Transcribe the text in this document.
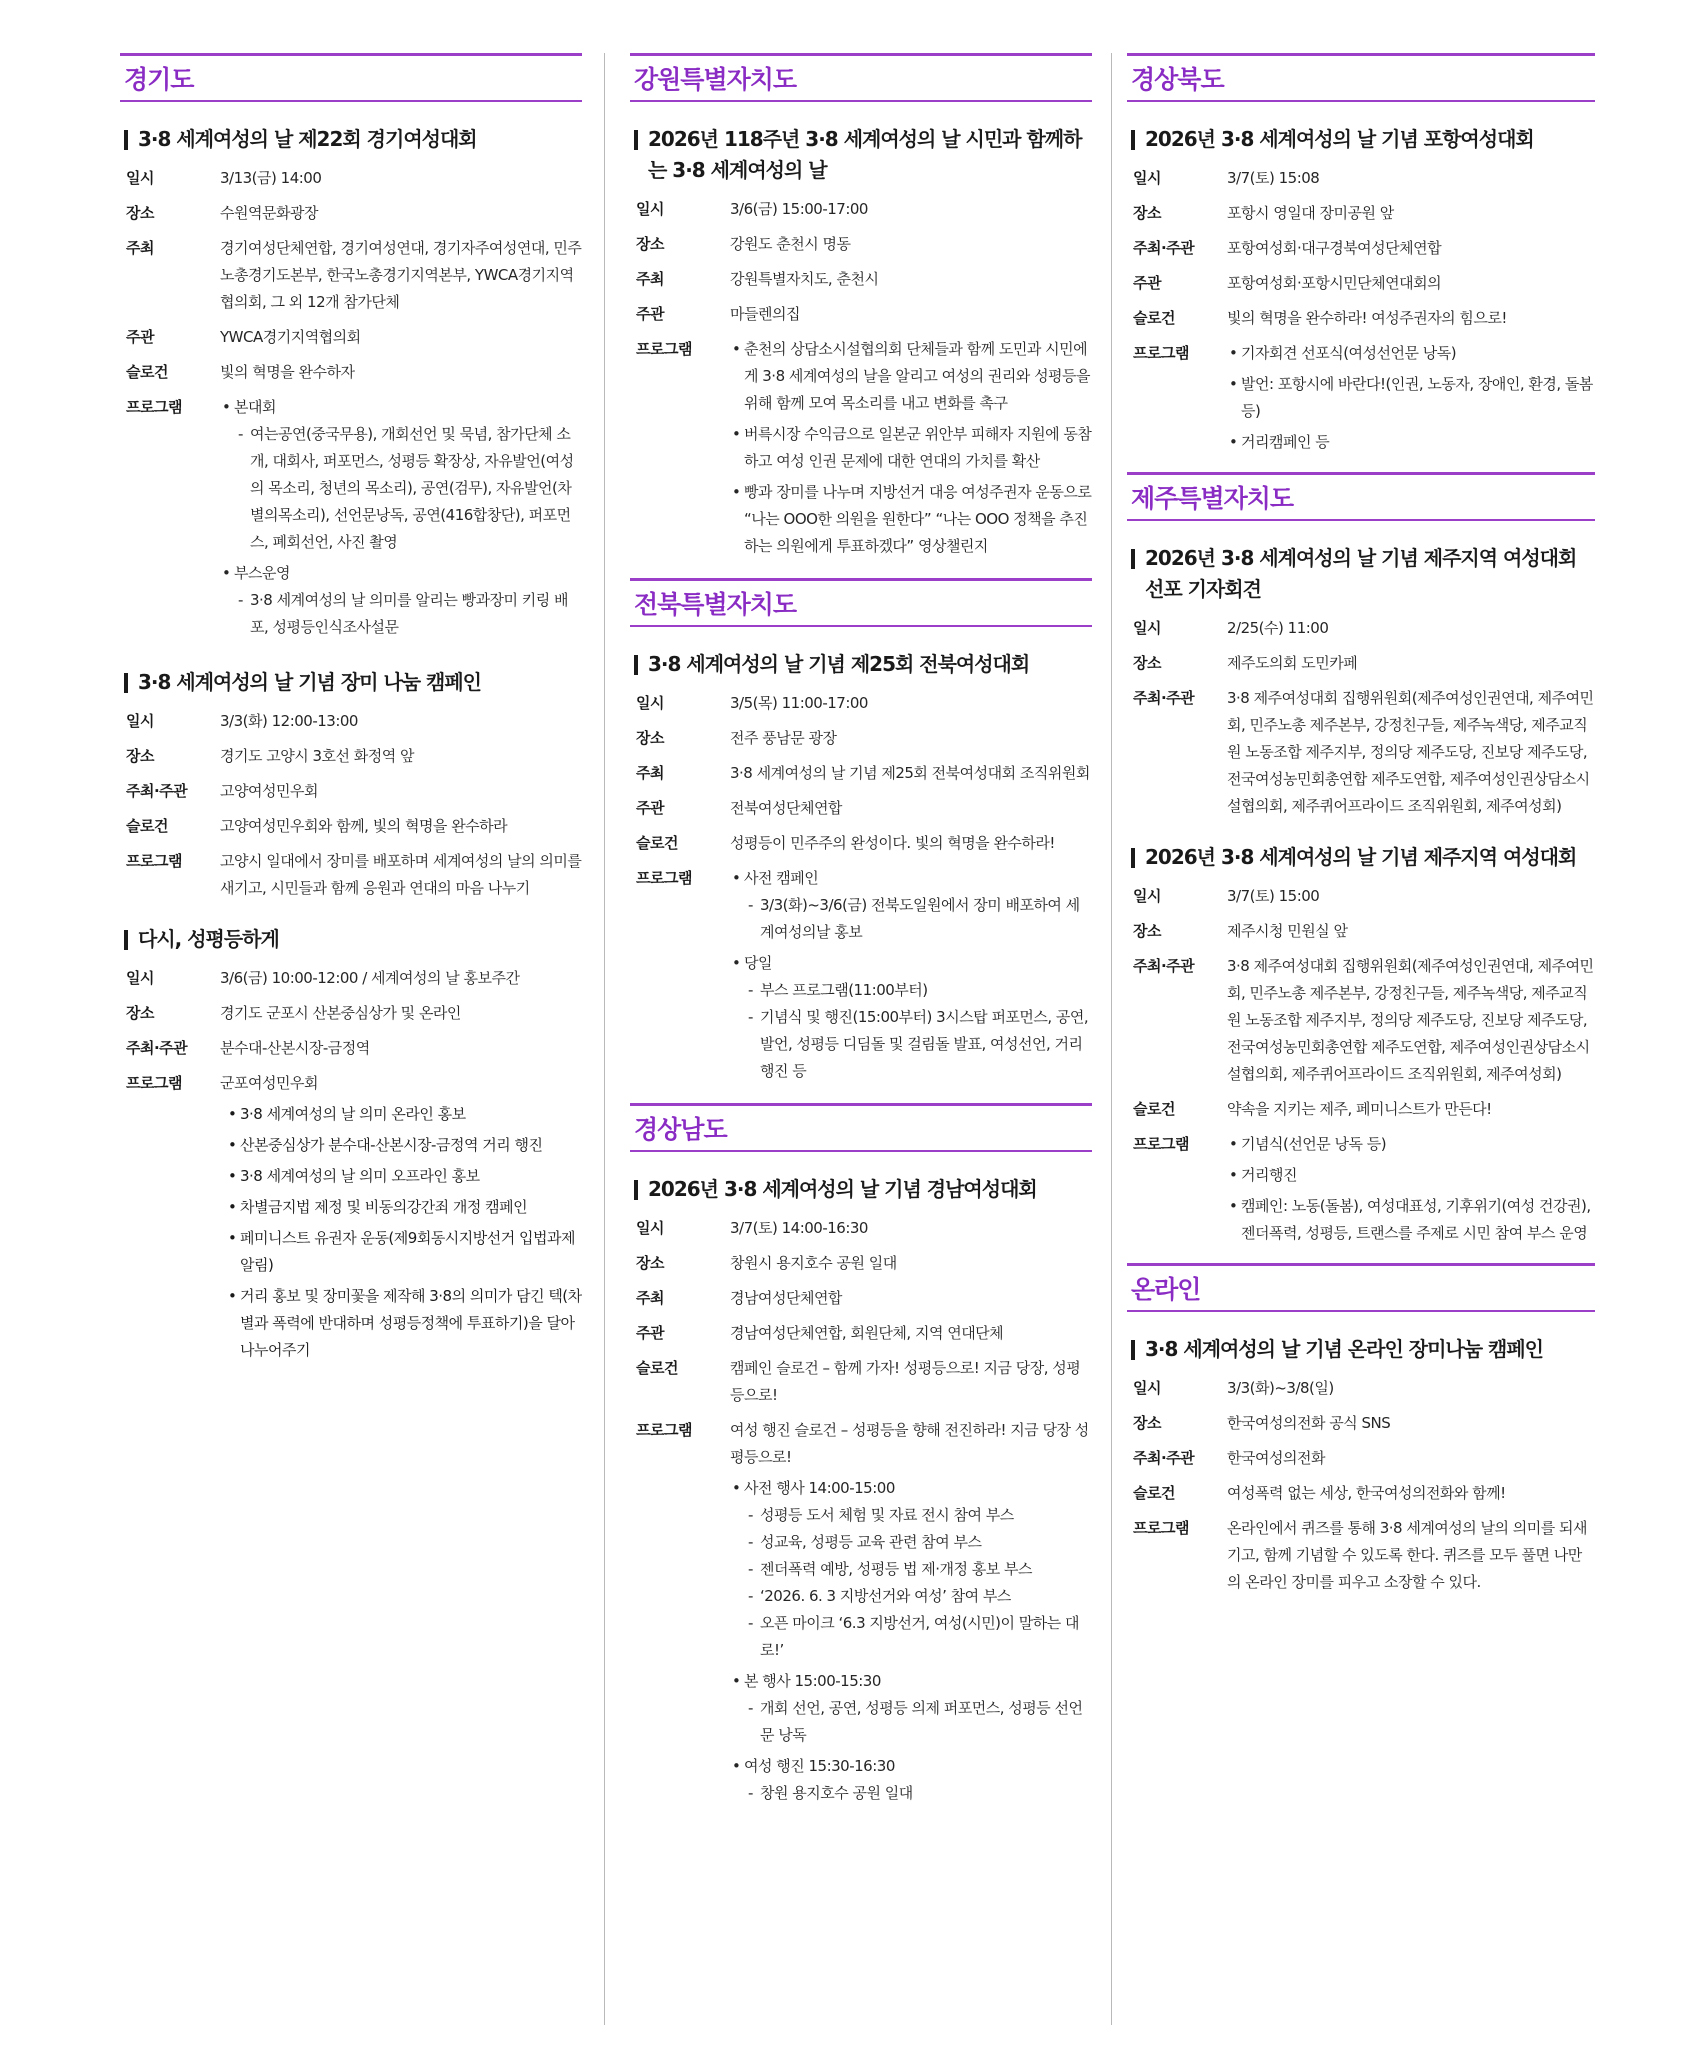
경기도
3·8 세계여성의 날 제22회 경기여성대회
일시	3/13(금) 14:00
장소	수원역문화광장
주최	경기여성단체연합, 경기여성연대, 경기자주여성연대, 민주노총경기도본부, 한국노총경기지역본부, YWCA경기지역협의회, 그 외 12개 참가단체
주관	YWCA경기지역협의회
슬로건	빛의 혁명을 완수하자
프로그램	• 본대회
- 여는공연(중국무용), 개회선언 및 묵념, 참가단체 소개, 대회사, 퍼포먼스, 성평등 확장상, 자유발언(여성의 목소리, 청년의 목소리), 공연(검무), 자유발언(차별의목소리), 선언문낭독, 공연(416합창단), 퍼포먼스, 폐회선언, 사진 촬영
• 부스운영
- 3·8 세계여성의 날 의미를 알리는 빵과장미 키링 배포, 성평등인식조사설문
3·8 세계여성의 날 기념 장미 나눔 캠페인
일시	3/3(화) 12:00-13:00
장소	경기도 고양시 3호선 화정역 앞
주최·주관	고양여성민우회
슬로건	고양여성민우회와 함께, 빛의 혁명을 완수하라
프로그램	고양시 일대에서 장미를 배포하며 세계여성의 날의 의미를 새기고, 시민들과 함께 응원과 연대의 마음 나누기
다시, 성평등하게
일시	3/6(금) 10:00-12:00 / 세계여성의 날 홍보주간
장소	경기도 군포시 산본중심상가 및 온라인
주최·주관	분수대-산본시장-금정역
프로그램	군포여성민우회
• 3·8 세계여성의 날 의미 온라인 홍보
• 산본중심상가 분수대-산본시장-금정역 거리 행진
• 3·8 세계여성의 날 의미 오프라인 홍보
• 차별금지법 제정 및 비동의강간죄 개정 캠페인
• 페미니스트 유권자 운동(제9회동시지방선거 입법과제 알림)
• 거리 홍보 및 장미꽃을 제작해 3·8의 의미가 담긴 텍(차별과 폭력에 반대하며 성평등정책에 투표하기)을 달아 나누어주기
강원특별자치도
2026년 118주년 3·8 세계여성의 날 시민과 함께하는 3·8 세계여성의 날
일시	3/6(금) 15:00-17:00
장소	강원도 춘천시 명동
주최	강원특별자치도, 춘천시
주관	마들렌의집
프로그램	• 춘천의 상담소시설협의회 단체들과 함께 도민과 시민에게 3·8 세계여성의 날을 알리고 여성의 권리와 성평등을 위해 함께 모여 목소리를 내고 변화를 촉구
• 버륵시장 수익금으로 일본군 위안부 피해자 지원에 동참하고 여성 인권 문제에 대한 연대의 가치를 확산
• 빵과 장미를 나누며 지방선거 대응 여성주권자 운동으로 “나는 OOO한 의원을 원한다” “나는 OOO 정책을 추진하는 의원에게 투표하겠다” 영상챌린지
전북특별자치도
3·8 세계여성의 날 기념 제25회 전북여성대회
일시	3/5(목) 11:00-17:00
장소	전주 풍남문 광장
주최	3·8 세계여성의 날 기념 제25회 전북여성대회 조직위원회
주관	전북여성단체연합
슬로건	성평등이 민주주의 완성이다. 빛의 혁명을 완수하라!
프로그램	• 사전 캠페인
- 3/3(화)~3/6(금) 전북도일원에서 장미 배포하여 세계여성의날 홍보
• 당일
- 부스 프로그램(11:00부터)
- 기념식 및 행진(15:00부터) 3시스탑 퍼포먼스, 공연, 발언, 성평등 디딤돌 및 걸림돌 발표, 여성선언, 거리행진 등
경상남도
2026년 3·8 세계여성의 날 기념 경남여성대회
일시	3/7(토) 14:00-16:30
장소	창원시 용지호수 공원 일대
주최	경남여성단체연합
주관	경남여성단체연합, 회원단체, 지역 연대단체
슬로건	캠페인 슬로건 – 함께 가자! 성평등으로! 지금 당장, 성평등으로!
프로그램	여성 행진 슬로건 – 성평등을 향해 전진하라! 지금 당장 성평등으로!
• 사전 행사 14:00-15:00
- 성평등 도서 체험 및 자료 전시 참여 부스
- 성교육, 성평등 교육 관련 참여 부스
- 젠더폭력 예방, 성평등 법 제·개정 홍보 부스
- ‘2026. 6. 3 지방선거와 여성’ 참여 부스
- 오픈 마이크 ‘6.3 지방선거, 여성(시민)이 말하는 대로!’
• 본 행사 15:00-15:30
- 개회 선언, 공연, 성평등 의제 퍼포먼스, 성평등 선언문 낭독
• 여성 행진 15:30-16:30
- 창원 용지호수 공원 일대
경상북도
2026년 3·8 세계여성의 날 기념 포항여성대회
일시	3/7(토) 15:08
장소	포항시 영일대 장미공원 앞
주최·주관	포항여성회·대구경북여성단체연합
주관	포항여성회·포항시민단체연대회의
슬로건	빛의 혁명을 완수하라! 여성주권자의 힘으로!
프로그램	• 기자회견 선포식(여성선언문 낭독)
• 발언: 포항시에 바란다!(인권, 노동자, 장애인, 환경, 돌봄 등)
• 거리캠페인 등
제주특별자치도
2026년 3·8 세계여성의 날 기념 제주지역 여성대회 선포 기자회견
일시	2/25(수) 11:00
장소	제주도의회 도민카페
주최·주관	3·8 제주여성대회 집행위원회(제주여성인권연대, 제주여민회, 민주노총 제주본부, 강정친구들, 제주녹색당, 제주교직원 노동조합 제주지부, 정의당 제주도당, 진보당 제주도당, 전국여성농민회총연합 제주도연합, 제주여성인권상담소시설협의회, 제주퀴어프라이드 조직위원회, 제주여성회)
2026년 3·8 세계여성의 날 기념 제주지역 여성대회
일시	3/7(토) 15:00
장소	제주시청 민원실 앞
주최·주관	3·8 제주여성대회 집행위원회(제주여성인권연대, 제주여민회, 민주노총 제주본부, 강정친구들, 제주녹색당, 제주교직원 노동조합 제주지부, 정의당 제주도당, 진보당 제주도당, 전국여성농민회총연합 제주도연합, 제주여성인권상담소시설협의회, 제주퀴어프라이드 조직위원회, 제주여성회)
슬로건	약속을 지키는 제주, 페미니스트가 만든다!
프로그램	• 기념식(선언문 낭독 등)
• 거리행진
• 캠페인: 노동(돌봄), 여성대표성, 기후위기(여성 건강권), 젠더폭력, 성평등, 트랜스를 주제로 시민 참여 부스 운영
온라인
3·8 세계여성의 날 기념 온라인 장미나눔 캠페인
일시	3/3(화)~3/8(일)
장소	한국여성의전화 공식 SNS
주최·주관	한국여성의전화
슬로건	여성폭력 없는 세상, 한국여성의전화와 함께!
프로그램	온라인에서 퀴즈를 통해 3·8 세계여성의 날의 의미를 되새기고, 함께 기념할 수 있도록 한다. 퀴즈를 모두 풀면 나만의 온라인 장미를 피우고 소장할 수 있다.
